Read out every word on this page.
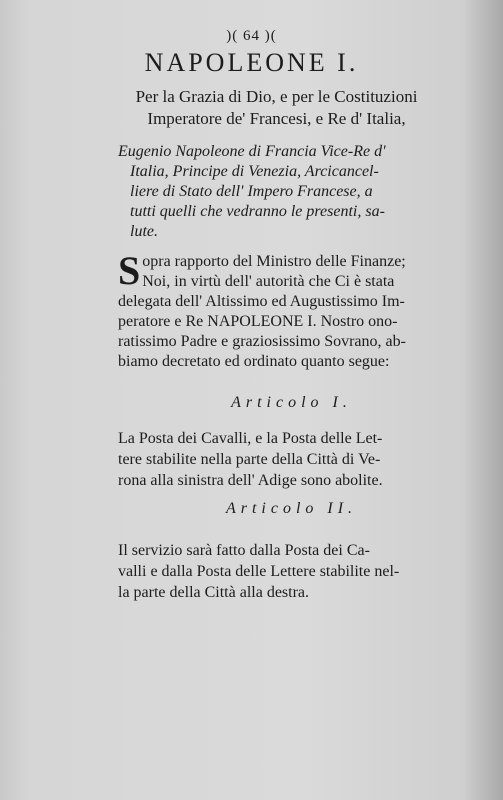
)( 64 )(
NAPOLEONE I.
Per la Grazia di Dio, e per le Costituzioni
Imperatore de' Francesi, e Re d' Italia,
Eugenio Napoleone di Francia Vice-Re d'
Italia, Principe di Venezia, Arcicancel-
liere di Stato dell' Impero Francese, a
tutti quelli che vedranno le presenti, sa-
lute.
Sopra rapporto del Ministro delle Finanze;
Noi, in virtù dell' autorità che Ci è stata
delegata dell' Altissimo ed Augustissimo Im-
peratore e Re NAPOLEONE I. Nostro ono-
ratissimo Padre e graziosissimo Sovrano, ab-
biamo decretato ed ordinato quanto segue:
Articolo I.
La Posta dei Cavalli, e la Posta delle Let-
tere stabilite nella parte della Città di Ve-
rona alla sinistra dell' Adige sono abolite.
Articolo II.
Il servizio sarà fatto dalla Posta dei Ca-
valli e dalla Posta delle Lettere stabilite nel-
la parte della Città alla destra.
